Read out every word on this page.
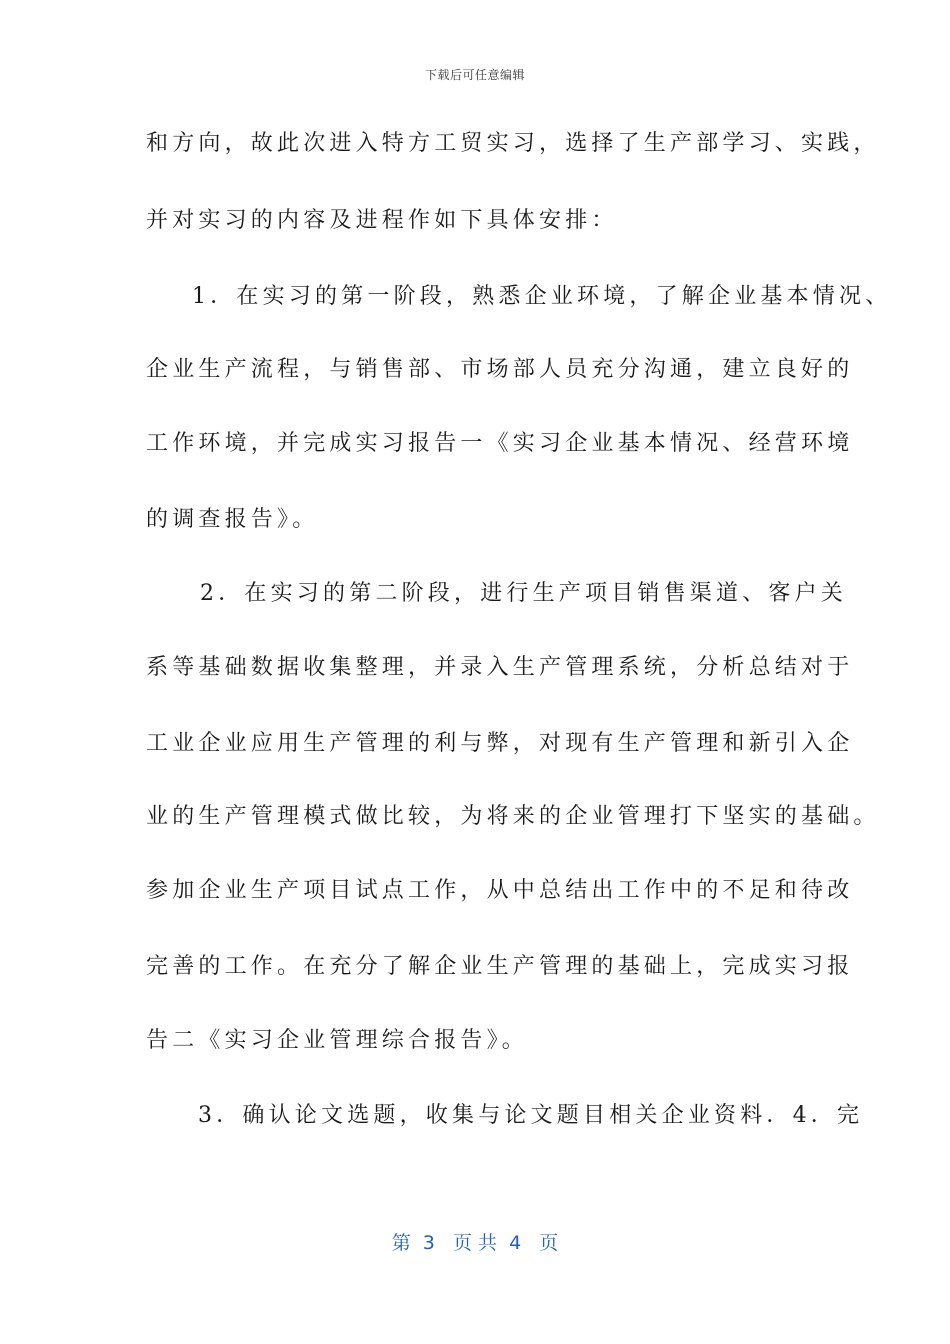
下载后可任意编辑
和方向，故此次进入特方工贸实习，选择了生产部学习、实践，
并对实习的内容及进程作如下具体安排：
1．在实习的第一阶段，熟悉企业环境，了解企业基本情况、
企业生产流程，与销售部、市场部人员充分沟通，建立良好的
工作环境，并完成实习报告一《实习企业基本情况、经营环境
的调查报告》。
2．在实习的第二阶段，进行生产项目销售渠道、客户关
系等基础数据收集整理，并录入生产管理系统，分析总结对于
工业企业应用生产管理的利与弊，对现有生产管理和新引入企
业的生产管理模式做比较，为将来的企业管理打下坚实的基础。
参加企业生产项目试点工作，从中总结出工作中的不足和待改
完善的工作。在充分了解企业生产管理的基础上，完成实习报
告二《实习企业管理综合报告》。
3．确认论文选题，收集与论文题目相关企业资料．4．完
第  3   页 共  4   页
